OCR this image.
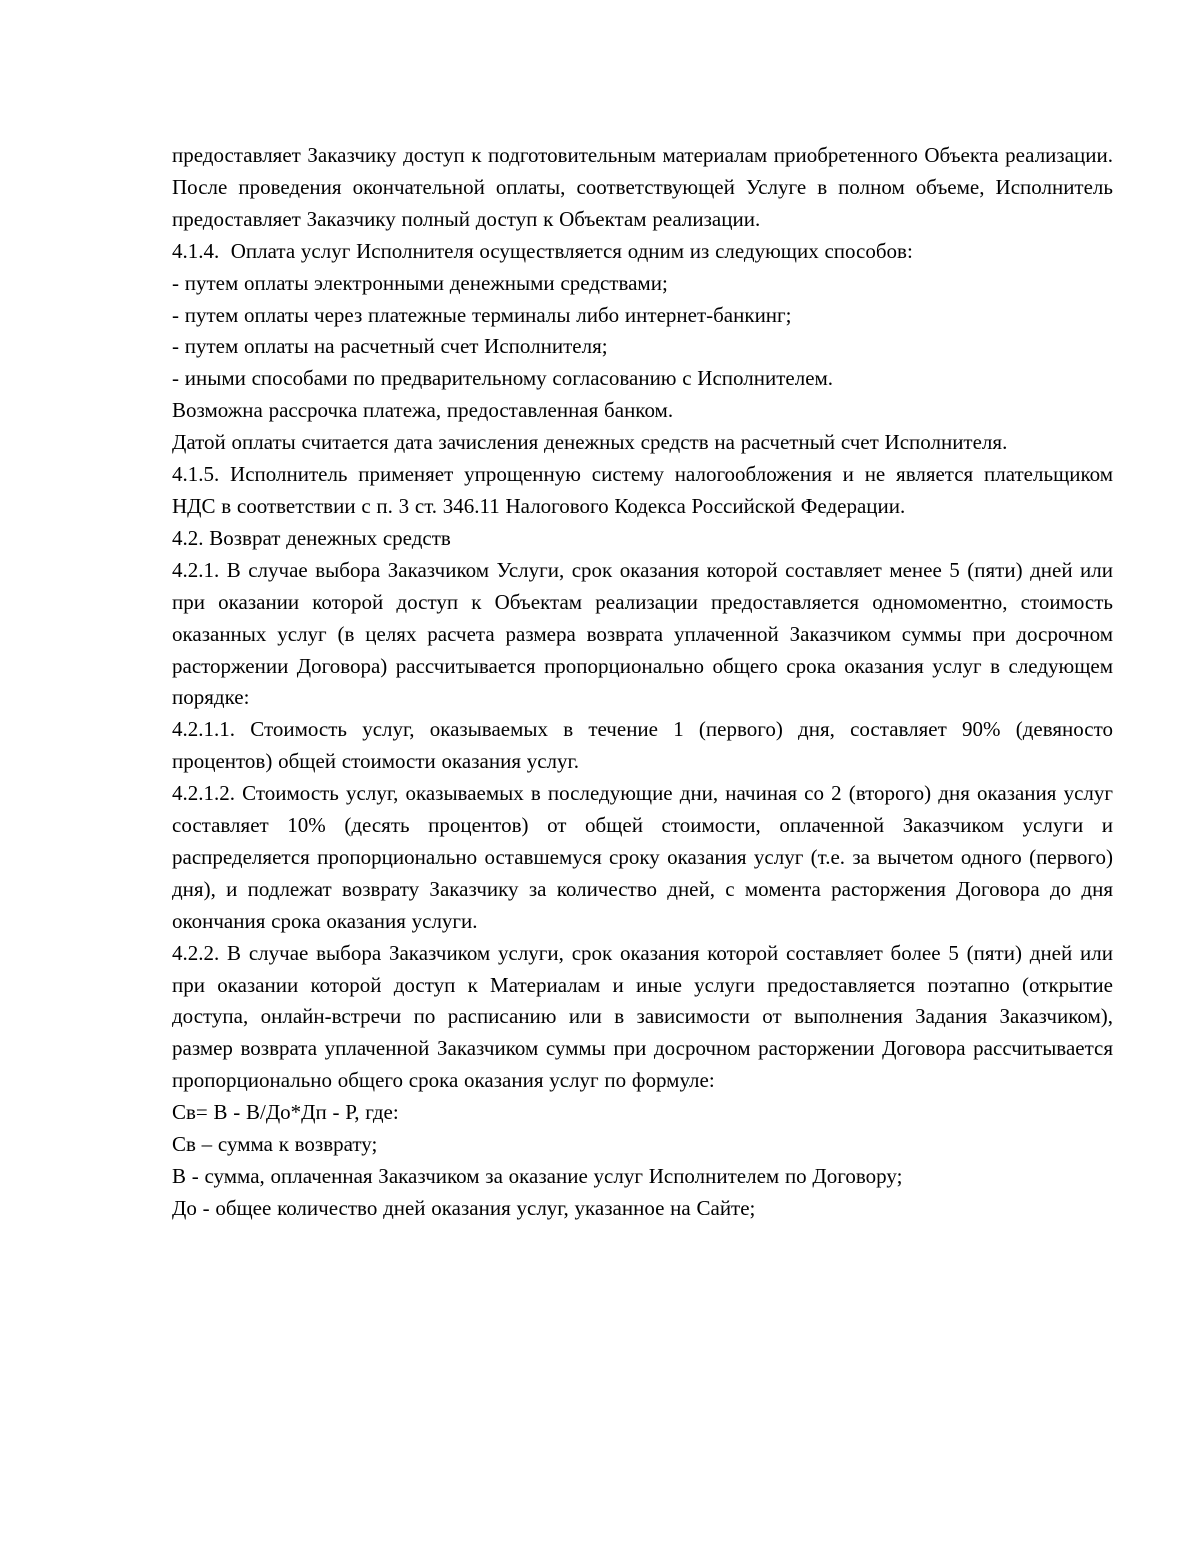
предоставляет Заказчику доступ к подготовительным материалам приобретенного Объекта реализации. После проведения окончательной оплаты, соответствующей Услуге в полном объеме, Исполнитель предоставляет Заказчику полный доступ к Объектам реализации.

4.1.4.  Оплата услуг Исполнителя осуществляется одним из следующих способов:

- путем оплаты электронными денежными средствами;

- путем оплаты через платежные терминалы либо интернет-банкинг;

- путем оплаты на расчетный счет Исполнителя;

- иными способами по предварительному согласованию с Исполнителем.

Возможна рассрочка платежа, предоставленная банком.

Датой оплаты считается дата зачисления денежных средств на расчетный счет Исполнителя.

4.1.5. Исполнитель применяет упрощенную систему налогообложения и не является плательщиком НДС в соответствии с п. 3 ст. 346.11 Налогового Кодекса Российской Федерации.

4.2. Возврат денежных средств

4.2.1. В случае выбора Заказчиком Услуги, срок оказания которой составляет менее 5 (пяти) дней или при оказании которой доступ к Объектам реализации предоставляется одномоментно, стоимость оказанных услуг (в целях расчета размера возврата уплаченной Заказчиком суммы при досрочном расторжении Договора) рассчитывается пропорционально общего срока оказания услуг в следующем порядке:

4.2.1.1. Стоимость услуг, оказываемых в течение 1 (первого) дня, составляет 90% (девяносто процентов) общей стоимости оказания услуг.

4.2.1.2. Стоимость услуг, оказываемых в последующие дни, начиная со 2 (второго) дня оказания услуг составляет 10% (десять процентов) от общей стоимости, оплаченной Заказчиком услуги и распределяется пропорционально оставшемуся сроку оказания услуг (т.е. за вычетом одного (первого) дня), и подлежат возврату Заказчику за количество дней, с момента расторжения Договора до дня окончания срока оказания услуги.

4.2.2. В случае выбора Заказчиком услуги, срок оказания которой составляет более 5 (пяти) дней или при оказании которой доступ к Материалам и иные услуги предоставляется поэтапно (открытие доступа, онлайн-встречи по расписанию или в зависимости от выполнения Задания Заказчиком), размер возврата уплаченной Заказчиком суммы при досрочном расторжении Договора рассчитывается пропорционально общего срока оказания услуг по формуле:

Св= В - В/До*Дп - Р, где:

Св – сумма к возврату;

В - сумма, оплаченная Заказчиком за оказание услуг Исполнителем по Договору;

До - общее количество дней оказания услуг, указанное на Сайте;
